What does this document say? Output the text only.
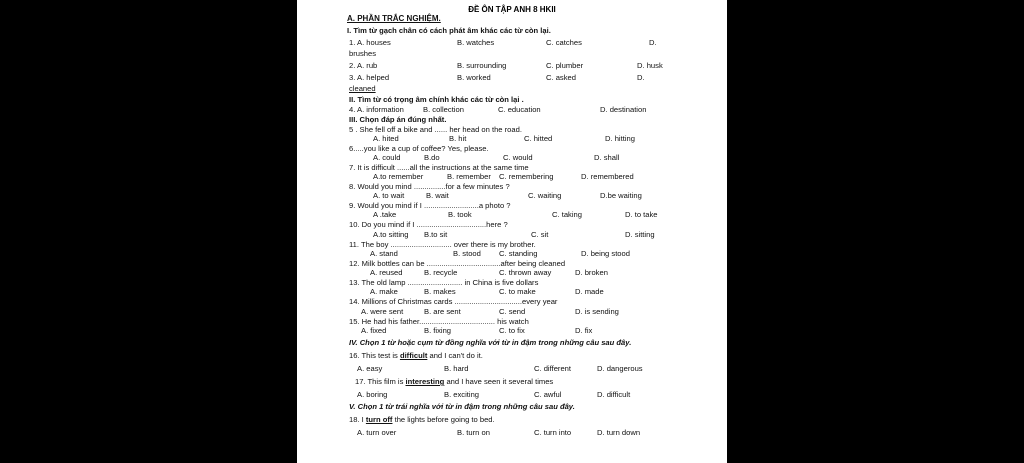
ĐỀ ÔN TẬP ANH 8 HKII
A. PHẦN TRẮC NGHIỆM.
I. Tìm từ gạch chân có cách phát âm khác các từ còn lại.
1. A. houses	B. watches	C. catches	D.
brushes
2. A. rub	B. surrounding	C. plumber	D. husk
3. A. helped	B. worked	C. asked	D.
cleaned
II. Tìm từ có trọng âm chính khác các từ còn lại .
4. A. information	B. collection	C. education	D. destination
III. Chọn đáp án đúng nhất.
5 . She fell off a bike and ...... her head on the road.
A. hited	B. hit	C. hitted	D. hitting
6.....you like a cup of coffee? Yes, please.
A. could	B.do	C. would	D. shall
7. It is difficult ......all the instructions at the same time
A.to remember	B. remember C. remembering	D. remembered
8. Would you mind ...............for a few minutes ?
A. to wait	B. wait	C. waiting	D.be waiting
9. Would you mind if I ..........................a photo ?
A .take	B. took	C. taking	D. to take
10. Do you mind if I .................................here ?
A.to sitting B.to sit	C. sit	D. sitting
11. The boy ............................. over there is my brother.
A. stand	B. stood C. standing	D. being stood
12. Milk bottles can be ...................................after being cleaned
A. reused	B. recycle	C. thrown away	D. broken
13. The old lamp .......................... in China is five dollars
A. make	B. makes	C. to make	D. made
14. Millions of Christmas cards ................................every year
A. were sent	B. are sent	C. send	D. is sending
15. He had his father.................................... his watch
A. fixed	B. fixing	C. to fix	D. fix
IV. Chọn 1 từ hoặc cụm từ đồng nghĩa với từ in đậm trong những câu sau đây.
16. This test is difficult and I can't do it.
A. easy	B. hard	C. different	D. dangerous
17. This film is interesting and I have seen it several times
A. boring	B. exciting	C. awful	D. difficult
V. Chọn 1 từ trái nghĩa với từ in đậm trong những câu sau đây.
18. I turn off the lights before going to bed.
A. turn over	B. turn on	C. turn into	D. turn down
